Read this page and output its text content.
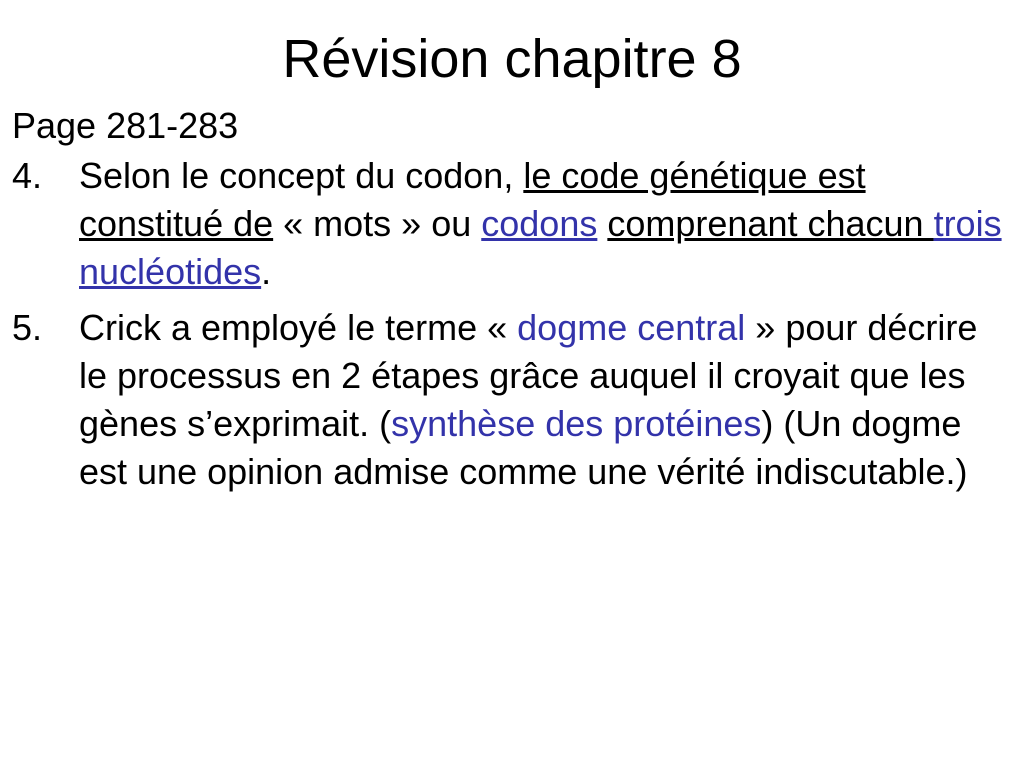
Révision chapitre 8
Page 281-283
4. Selon le concept du codon, le code génétique est constitué de « mots » ou codons comprenant chacun trois nucléotides.
5. Crick a employé le terme « dogme central » pour décrire le processus en 2 étapes grâce auquel il croyait que les gènes s’exprimait. (synthèse des protéines) (Un dogme est une opinion admise comme une vérité indiscutable.)
